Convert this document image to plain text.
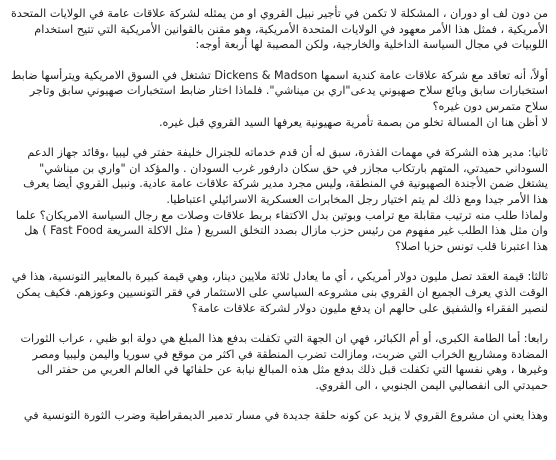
من دون لف او دوران ، المشكلة لا تكمن في تأجير نبيل القروي او من يمثله لشركة علاقات عامة في الولايات المتحدة الأمريكية ، فمثل هذا الأمر معهود في الولايات المتحدة الأمريكية، وهو مقنن بالقوانين الأمريكية التي تتيح استخدام اللوبيات في مجال السياسة الداخلية والخارجية، ولكن المصيبة لها أربعة أوجه:

أولاً، أنه تعاقد مع شركة علاقات عامة كندية اسمها Dickens & Madson تشتغل في السوق الامريكية ويترأسها ضابط استخبارات سابق وبائع سلاح صهيوني يدعى"اري بن ميناشي". فلماذا اختار ضابط استخبارات صهيوني سابق وتاجر سلاح متمرس دون غيره؟

لا أظن هنا ان المسالة تخلو من بصمة تأمرية صهيونية يعرفها السيد القروي قبل غيره.

ثانيا: مدير هذه الشركة في مهمات القذرة، سبق له أن قدم خدماته للجنرال خليفة حفتر في ليبيا ،وقائد جهاز الدعم السوداني حميدتي، المتهم بارتكاب مجازر في حق سكان دارفور غرب السودان . والمؤكد ان "واري بن ميناشي" يشتغل ضمن الأجندة الصهيونية في المنطقة، وليس مجرد مدير شركة علاقات عامة عادية. ونبيل القروي أيضا يعرف هذا الأمر جيدا ومع ذلك لم يتم اختيار رجل المخابرات العسكرية الاسرائيلي اعتباطيا.

ولماذا طلب منه ترتيب مقابلة مع ترامب وبوتين بدل الاكتفاء بربط علاقات وصلات مع رجال السياسة الامريكان؟ علما وان مثل هذا الطلب غير مفهوم من رئيس حزب مازال بصدد التخلق السريع ( مثل الاكلة السريعة Fast Food ) هل هذا اعتبرنا قلب تونس حزبا اصلا؟

ثالثا: قيمة العقد تصل مليون دولار أمريكي ، أي ما يعادل ثلاثة ملايين دينار، وهي قيمة كبيرة بالمعايير التونسية، هذا في الوقت الذي يعرف الجميع ان القروي بنى مشروعه السياسي على الاستثمار في فقر التونسيين وعوزهم. فكيف يمكن لنصير الفقراء والشفيق على حالهم ان يدفع مليون دولار لشركة علاقات عامة؟

رابعا: أما الطامة الكبرى، أو أم الكبائر، فهي ان الجهة التي تكفلت بدفع هذا المبلغ هي دولة ابو ظبي ، عراب الثورات المضادة ومشاريع الخراب التي ضربت، ومازالت تضرب المنطقة في اكثر من موقع في سوريا واليمن وليبيا ومصر وغيرها ، وهي نفسها التي تكفلت قبل ذلك بدفع مثل هذه المبالغ نيابة عن حلفائها في العالم العربي من حفتر الى حميدتي الى انفصاليي اليمن الجنوبي ، الى القروي.

وهذا يعني ان مشروع القروي لا يزيد عن كونه حلقة جديدة في مسار تدمير الديمقراطية وضرب الثورة التونسية في
